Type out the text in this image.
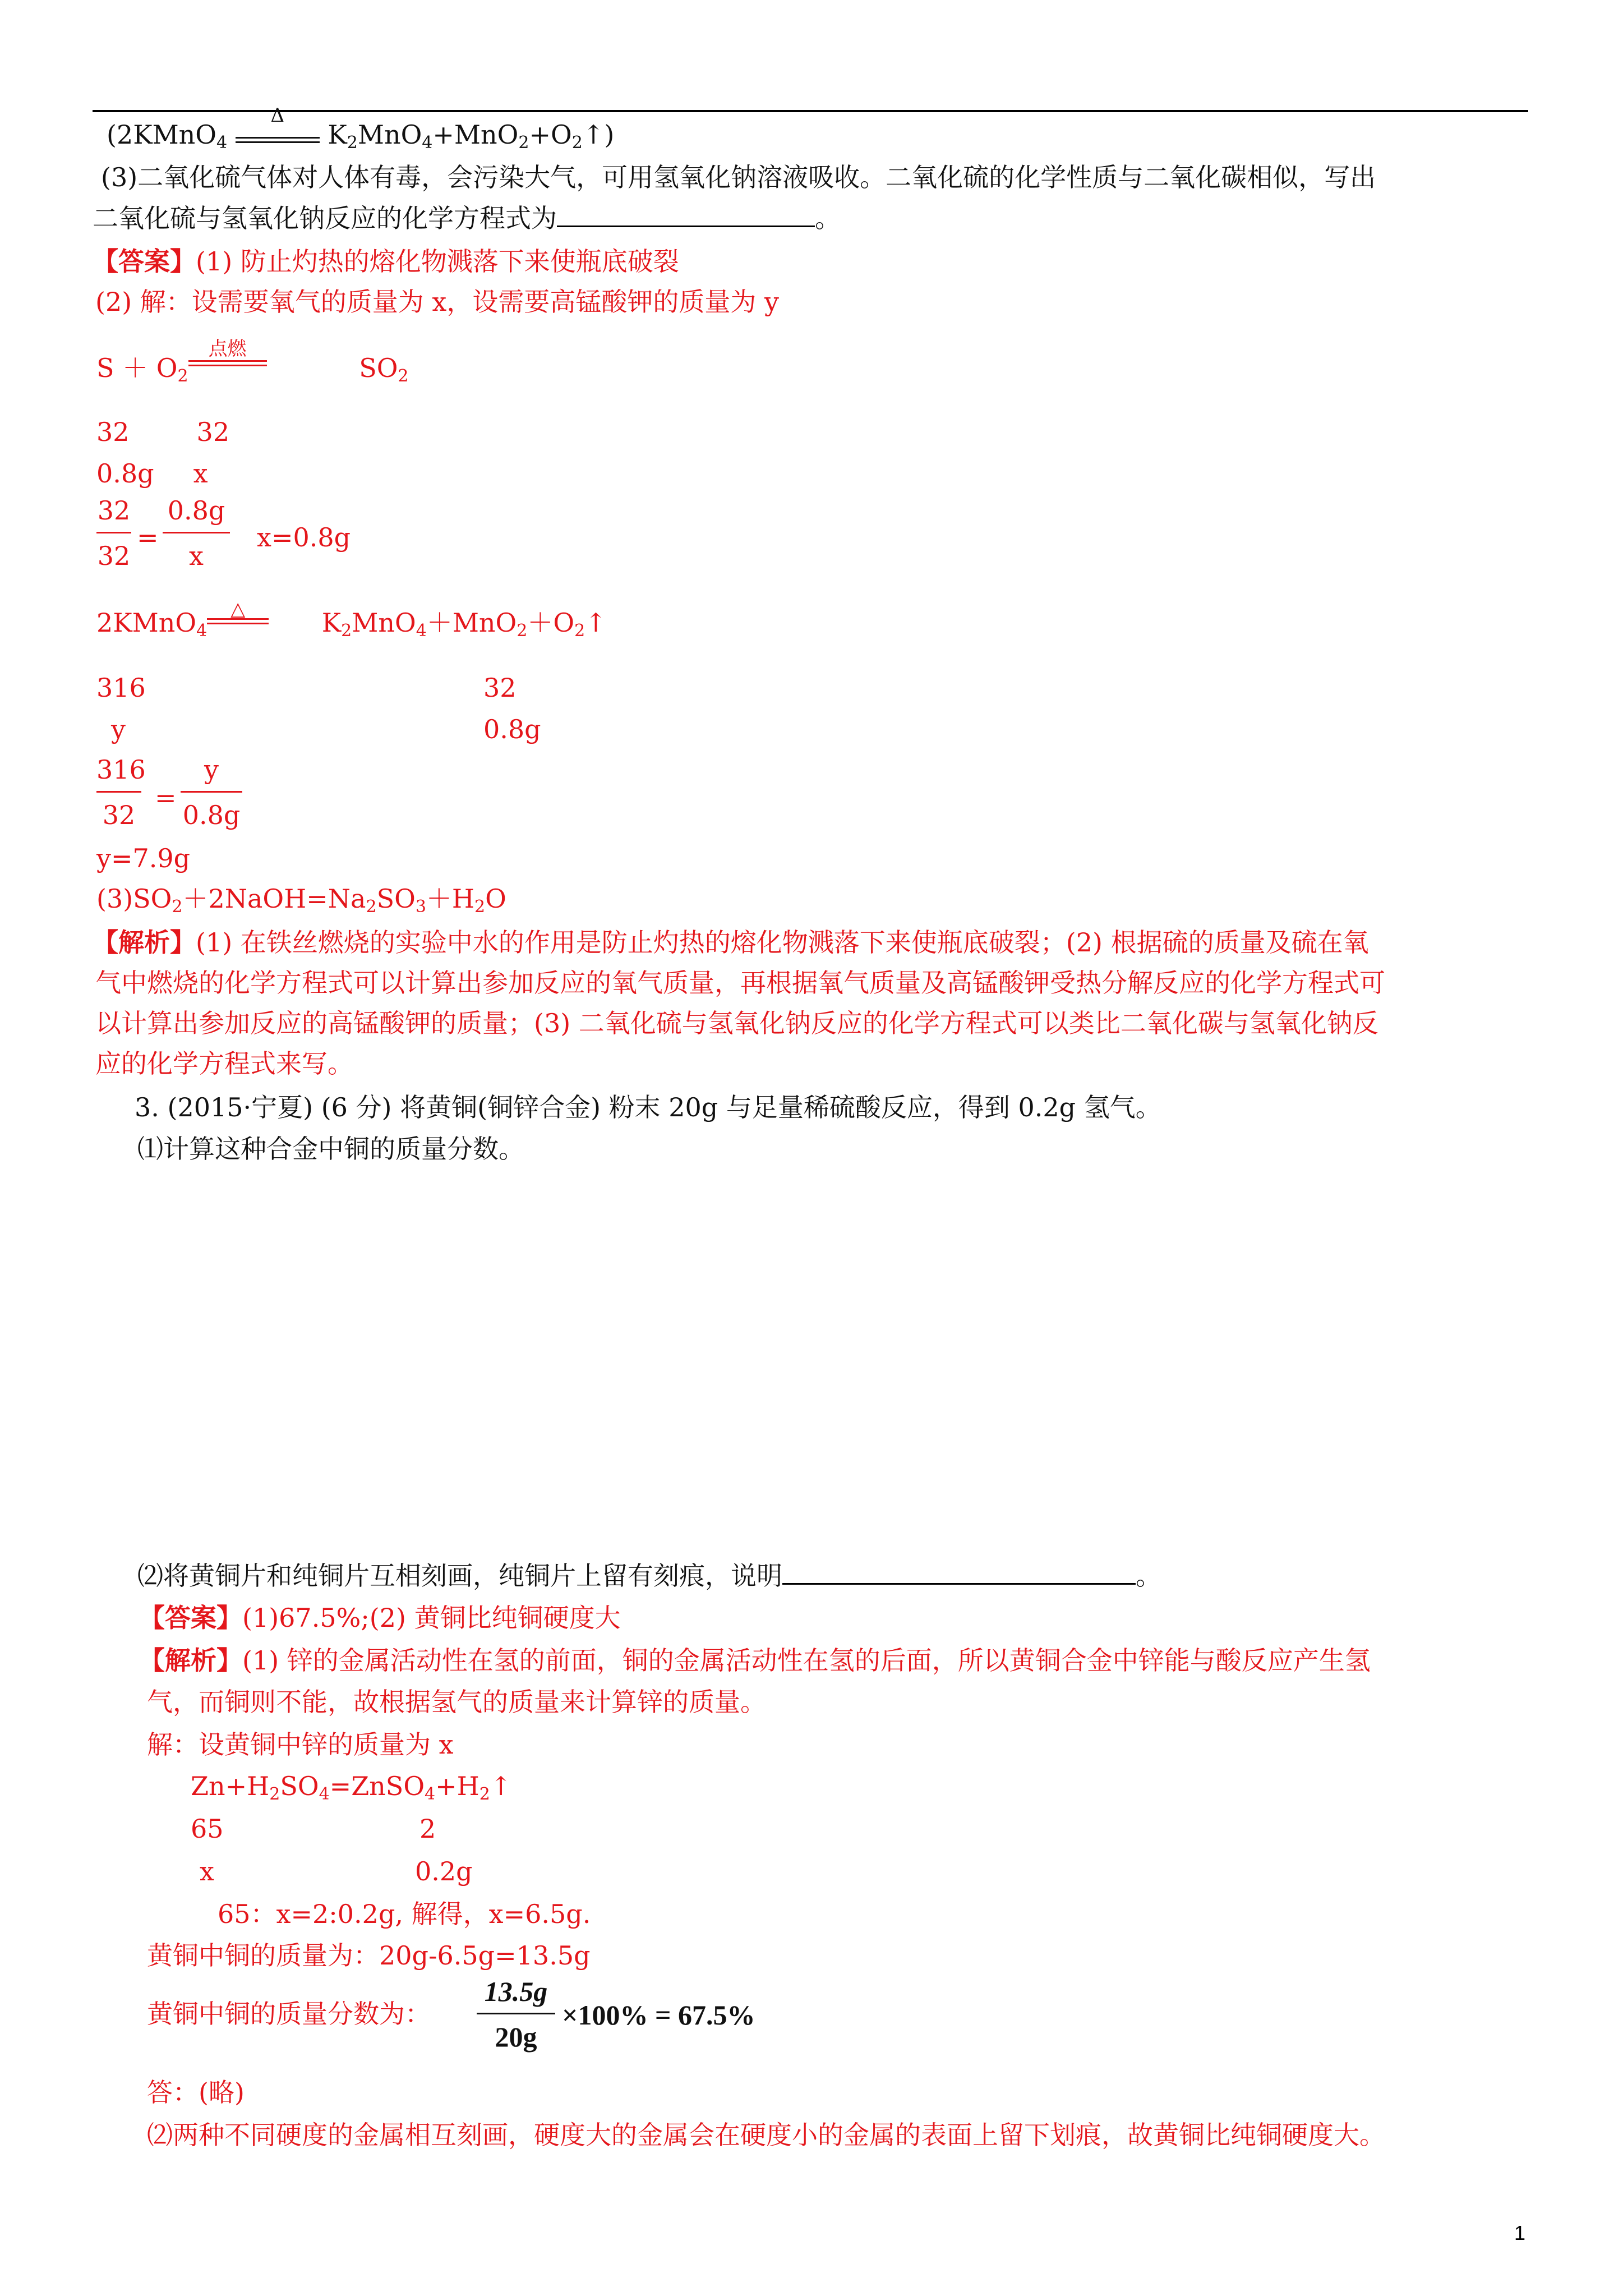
(2KMnO$_4$
Δ
$K_2MnO_4+MnO_2+O_2↑$)
(3)二氧化硫气体对人体有毒，会污染大气，可用氢氧化钠溶液吸收。二氧化硫的化学性质与二氧化碳相似，写出
二氧化硫与氢氧化钠反应的化学方程式为	。
【答案】(1) 防止灼热的熔化物溅落下来使瓶底破裂
(2) 解：设需要氧气的质量为 x，设需要高锰酸钾的质量为 y
$S + O_2$
点燃
$SO_2$
32	32
0.8g x
32
32
=
0.8g
x
x=0.8g
2KMnO$_4$
△	$K_2MnO_4+MnO_2+O_2↑$
316	32
y	0.8g
316
32
=
y
0.8g
y=7.9g
$(3)SO_2+2NaOH=Na_2SO_3+H_2O$
【解析】(1) 在铁丝燃烧的实验中水的作用是防止灼热的熔化物溅落下来使瓶底破裂；(2) 根据硫的质量及硫在氧
气中燃烧的化学方程式可以计算出参加反应的氧气质量，再根据氧气质量及高锰酸钾受热分解反应的化学方程式可
以计算出参加反应的高锰酸钾的质量；(3) 二氧化硫与氢氧化钠反应的化学方程式可以类比二氧化碳与氢氧化钠反
应的化学方程式来写。
3. (2015·宁夏) (6 分) 将黄铜(铜锌合金) 粉末 20g 与足量稀硫酸反应，得到 0.2g 氢气。
⑴计算这种合金中铜的质量分数。
⑵将黄铜片和纯铜片互相刻画，纯铜片上留有刻痕，说明	。
【答案】(1)67.5%;(2) 黄铜比纯铜硬度大
【解析】(1) 锌的金属活动性在氢的前面，铜的金属活动性在氢的后面，所以黄铜合金中锌能与酸反应产生氢
气，而铜则不能，故根据氢气的质量来计算锌的质量。
解：设黄铜中锌的质量为 x
$Zn+H_2SO_4=ZnSO_4+H_2↑$
65	2
x	0.2g
65：x=2:0.2g, 解得，x=6.5g.
黄铜中铜的质量为：20g-6.5g=13.5g
黄铜中铜的质量分数为：
13.5g
20g
×100% = 67.5%
答：(略)
⑵两种不同硬度的金属相互刻画，硬度大的金属会在硬度小的金属的表面上留下划痕，故黄铜比纯铜硬度大。
1
